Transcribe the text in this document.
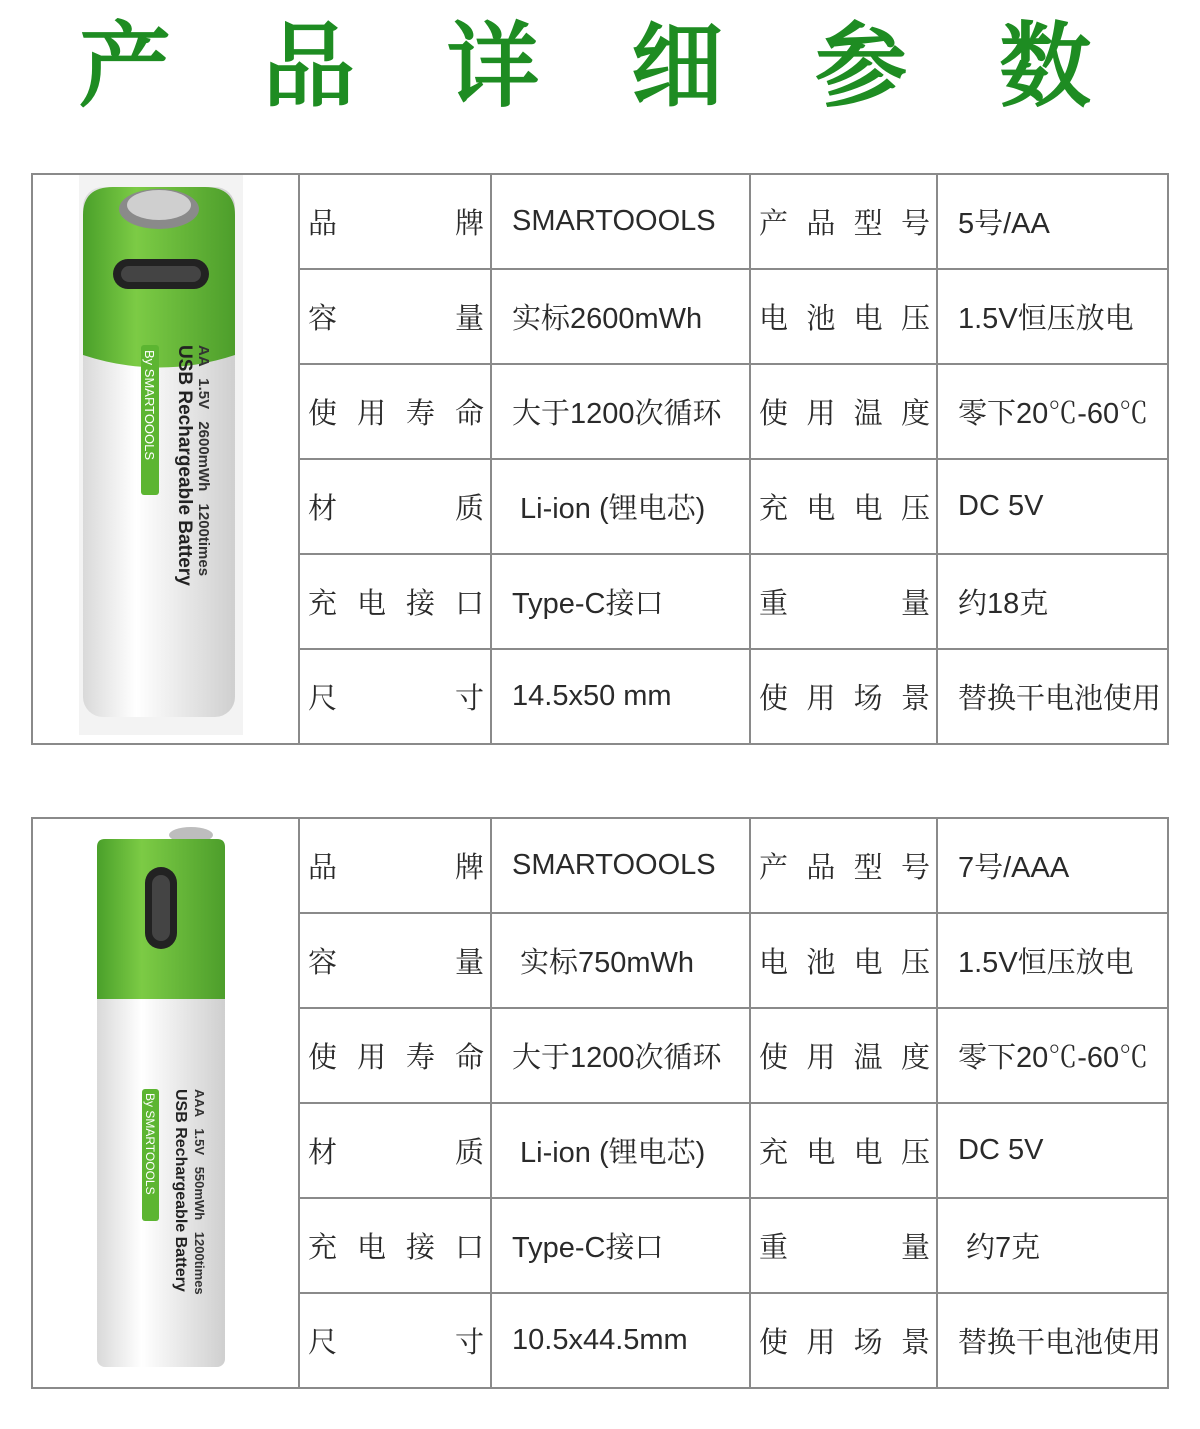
产 品 详 细 参 数
AA 1.5V 2600mWh 1200times
USB Rechargeable Battery
By SMARTOOOLS	品 牌	SMARTOOOLS	产 品 型 号	5号/AA

	容 量	实标2600mWh	电 池 电 压	1.5V恒压放电

	使 用 寿 命	大于1200次循环	使 用 温 度	零下20℃-60℃

	材 质	Li-ion (锂电芯)	充 电 电 压	DC 5V

	充 电 接 口	Type-C接口	重 量	约18克

	尺 寸	14.5x50 mm	使 用 场 景	替换干电池使用
AAA 1.5V 550mWh 1200times
USB Rechargeable Battery
By SMARTOOOLS	品 牌	SMARTOOOLS	产 品 型 号	7号/AAA

	容 量	实标750mWh	电 池 电 压	1.5V恒压放电

	使 用 寿 命	大于1200次循环	使 用 温 度	零下20℃-60℃

	材 质	Li-ion (锂电芯)	充 电 电 压	DC 5V

	充 电 接 口	Type-C接口	重 量	约7克

	尺 寸	10.5x44.5mm	使 用 场 景	替换干电池使用
